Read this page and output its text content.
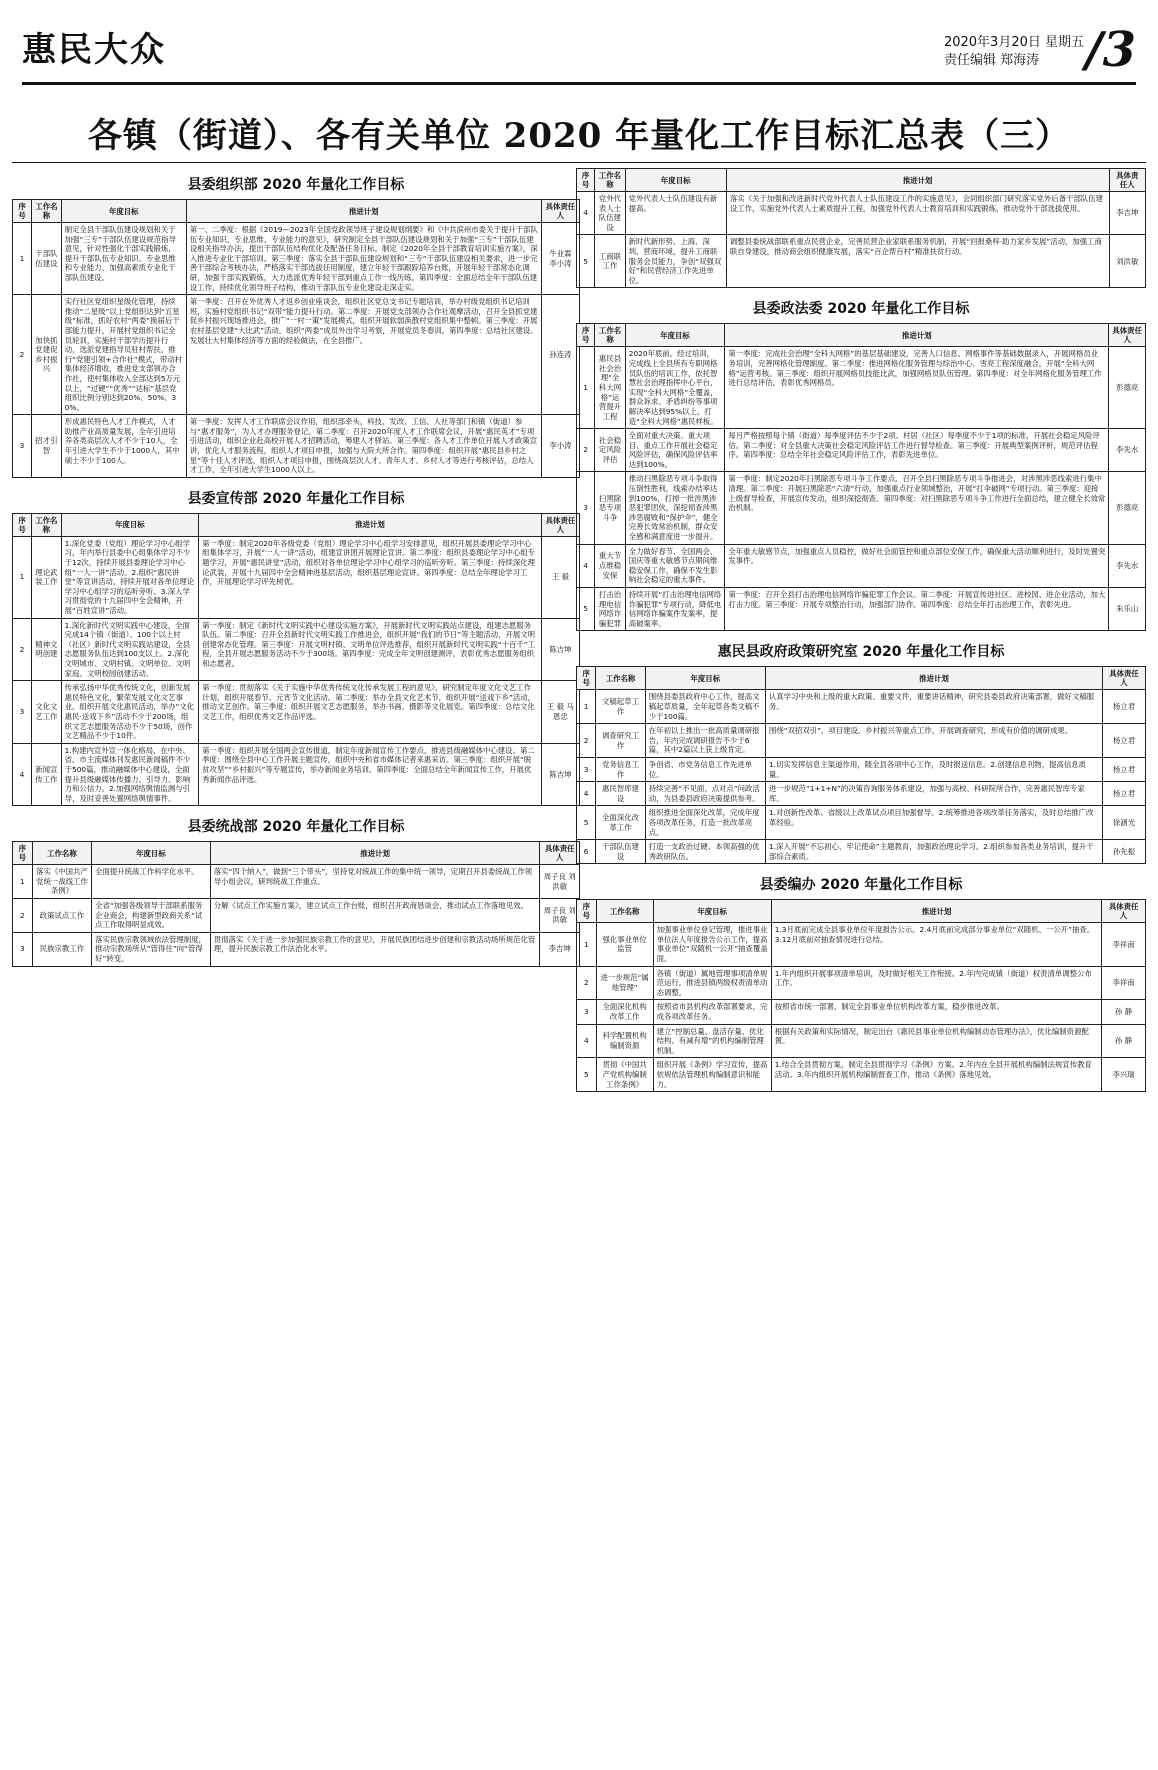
惠民大众	2020年3月20日 星期五
责任编辑 郑海涛 /3
各镇（街道）、各有关单位 2020 年量化工作目标汇总表（三）
县委组织部 2020 年量化工作目标
序号	工作名称	年度目标	推进计划	具体责任人
1	干部队伍建设	制定全县干部队伍建设规划和关于加强“三专”干部队伍建设规范指导意见，针对性强化干部实践锻炼，提升干部队伍专业知识、专业思维和专业能力，加强高素质专业化干部队伍建设。	第一、二季度：根据《2019—2023年全国党政领导班子建设规划纲要》和《中共滨州市委关于提升干部队伍专业知识、专业思维、专业能力的意见》，研究制定全县干部队伍建设规划和关于加强“三专”干部队伍建设相关指导办法，提出干部队伍结构优化及配备任务目标。制定《2020年全县干部教育培训实施方案》，深入推进专业化干部培训。第三季度：落实全县干部队伍建设规划和“三专”干部队伍建设相关要求，进一步完善干部综合考核办法，严格落实干部选拔任用制度，建立年轻干部跟踪培养台账，开展年轻干部常态化调研，加强干部实践锻炼，大力选派优秀年轻干部到重点工作一线历练。第四季度：全面总结全年干部队伍建设工作，持续优化领导班子结构，推动干部队伍专业化建设走深走实。	牛业霖 李小涛
2	加快抓党建促乡村振兴	实行社区党组织星级化管理，持续推动“二星级”以上党组织达到“五星级”标准，抓好农村“两委”换届后干部能力提升，开展村党组织书记全员轮训，实施村干部学历提升行动，选派党建指导员驻村帮扶，推行“党建引领+合作社”模式，带动村集体经济增收，推进党支部领办合作社，使村集体收入全部达到5万元以上，“过硬”“优秀”“达标”基层党组织比例分别达到20%、50%、30%。	第一季度：召开在外优秀人才返乡创业座谈会，组织社区党总支书记专题培训，举办村级党组织书记培训班，实施村党组织书记“双带”能力提升行动。第二季度：开展党支部领办合作社观摩活动，召开全县抓党建促乡村振兴现场推进会，推广“一村一策”发展模式，组织开展软弱涣散村党组织集中整顿。第三季度：开展农村基层党建“大比武”活动，组织“两委”成员外出学习考察，开展党员冬春训。第四季度：总结社区建设、发展壮大村集体经济等方面的经验做法，在全县推广。	孙连涛
3	招才引智	形成惠民特色人才工作模式，人才助推产业高质量发展，全年引进培养各类高层次人才不少于10人，全年引进大学生不少于1000人，其中硕士不少于100人。	第一季度：发挥人才工作联席会议作用，组织部牵头，科技、发改、工信、人社等部门和镇（街道）参与“惠才服务”，为人才办理服务登记。第二季度：召开2020年度人才工作联席会议，开展“惠民英才”专项引进活动，组织企业赴高校开展人才招聘活动，筹建人才驿站。第三季度：各人才工作单位开展人才政策宣讲，优化人才服务流程，组织人才项目申报，加强与大院大所合作。第四季度：组织开展“惠民县乡村之星”等十佳人才评选，组织人才项目申报，围绕高层次人才、青年人才、乡村人才等进行考核评估，总结人才工作，全年引进大学生1000人以上。	李小涛
县委宣传部 2020 年量化工作目标
序号	工作名称	年度目标	推进计划	具体责任人
1	理论武装工作	1.深化党委（党组）理论学习中心组学习，年内举行县委中心组集体学习不少于12次，持续开展县委理论学习中心组“一人一讲”活动。2.组织“惠民讲堂”等宣讲活动，持续开展对各单位理论学习中心组学习的巡听旁听。3.深入学习贯彻党的十九届四中全会精神，开展“百姓宣讲”活动。	第一季度：制定2020年各级党委（党组）理论学习中心组学习安排意见，组织开展县委理论学习中心组集体学习，开展“一人一讲”活动，组建宣讲团开展理论宣讲。第二季度：组织县委理论学习中心组专题学习，开展“惠民讲堂”活动，组织对各单位理论学习中心组学习的巡听旁听。第三季度：持续深化理论武装，开展十九届四中全会精神进基层活动，组织基层理论宣讲。第四季度：总结全年理论学习工作，开展理论学习评先树优。	王 毅
2	精神文明创建	1.深化新时代文明实践中心建设，全面完成14个镇（街道）、100个以上村（社区）新时代文明实践站建设，全县志愿服务队伍达到100支以上。2.深化文明城市、文明村镇、文明单位、文明家庭、文明校园创建活动。	第一季度：制定《新时代文明实践中心建设实施方案》，开展新时代文明实践站点建设，组建志愿服务队伍。第二季度：召开全县新时代文明实践工作推进会，组织开展“我们的节日”等主题活动，开展文明创建常态化管理。第三季度：开展文明村镇、文明单位评选推荐，组织开展新时代文明实践“十百千”工程，全县开展志愿服务活动不少于300场。第四季度：完成全年文明创建测评，表彰优秀志愿服务组织和志愿者。	陈吉坤
3	文化文艺工作	传承弘扬中华优秀传统文化，创新发展惠民特色文化，繁荣发展文化文艺事业。组织开展文化惠民活动，举办“文化惠民·送戏下乡”活动不少于200场，组织文艺志愿服务活动不少于50场，创作文艺精品不少于10件。	第一季度：贯彻落实《关于实施中华优秀传统文化传承发展工程的意见》，研究制定年度文化文艺工作计划，组织开展春节、元宵节文化活动。第二季度：举办全县文化艺术节，组织开展“送戏下乡”活动，推动文艺创作。第三季度：组织开展文艺志愿服务，举办书画、摄影等文化展览。第四季度：总结文化文艺工作，组织优秀文艺作品评选。	王 毅 马恩忠
4	新闻宣传工作	1.构建内宣外宣一体化格局，在中央、省、市主流媒体刊发惠民新闻稿件不少于500篇，推动融媒体中心建设，全面提升县级融媒体传播力、引导力、影响力和公信力。2.加强网络舆情监测与引导，及时妥善处置网络舆情事件。	第一季度：组织开展全国两会宣传报道，制定年度新闻宣传工作要点，推进县级融媒体中心建设。第二季度：围绕全县中心工作开展主题宣传，组织中央和省市媒体记者来惠采访。第三季度：组织开展“脱贫攻坚”“乡村振兴”等专题宣传，举办新闻业务培训。第四季度：全面总结全年新闻宣传工作，开展优秀新闻作品评选。	陈吉坤
县委统战部 2020 年量化工作目标
序号	工作名称	年度目标	推进计划	具体责任人
1	落实《中国共产党统一战线工作条例》	全面提升统战工作科学化水平。	落实“四个纳入”，做到“三个带头”，坚持党对统战工作的集中统一领导，定期召开县委统战工作领导小组会议，研判统战工作重点。	周子良 刘洪敏
2	政策试点工作	全省“加强各级领导干部联系服务企业商会，构建新型政商关系”试点工作取得明显成效。	分解《试点工作实施方案》，建立试点工作台账，组织召开政商恳谈会，推动试点工作落地见效。	周子良 刘洪敏
3	民族宗教工作	落实民族宗教领域依法管理制度，推动宗教场所从“管得住”向“管得好”转变。	贯彻落实《关于进一步加强民族宗教工作的意见》，开展民族团结进步创建和宗教活动场所规范化管理，提升民族宗教工作法治化水平。	李吉坤
序号	工作名称	年度目标	推进计划	具体责任人
4	党外代表人士队伍建设	党外代表人士队伍建设有新提高。	落实《关于加强和改进新时代党外代表人士队伍建设工作的实施意见》，会同组织部门研究落实党外后备干部队伍建设工作，实施党外代表人士素质提升工程，加强党外代表人士教育培训和实践锻炼，推动党外干部选拔使用。	李吉坤
5	工商联工作	新时代新形势、上海、深圳、营商环境，提升工商联服务会员能力，争创“双强双好”和民营经济工作先进单位。	调整县委统战部联系重点民营企业，完善民营企业家联系服务机制，开展“回报桑梓·助力家乡发展”活动，加强工商联自身建设，推动商会组织健康发展，落实“百企帮百村”精准扶贫行动。	刘洪敏
县委政法委 2020 年量化工作目标
序号	工作名称	年度目标	推进计划	具体责任人
1	惠民县社会治理“全科大网格”运营提升工程	2020年底前，经过培训，完成线上全县所有专职网格员队伍的培训工作，依托智慧社会治理指挥中心平台，实现“全科大网格”全覆盖，群众诉求、矛盾纠纷等事项解决率达到95%以上，打造“全科大网格”惠民样板。	第一季度：完成社会治理“全科大网格”的基层基础建设，完善人口信息、网格事件等基础数据录入，开展网格员业务培训，完善网格化管理制度。第二季度：推进网格化服务管理与综治中心、雪亮工程深度融合，开展“全科大网格”运营考核。第三季度：组织开展网格员技能比武，加强网格员队伍管理。第四季度：对全年网格化服务管理工作进行总结评估，表彰优秀网格员。	彭德亮
2	社会稳定风险评估	全面对重大决策、重大项目、重点工作开展社会稳定风险评估，确保风险评估率达到100%。	每月严格按照每个镇（街道）每季度评估不少于2项、村居（社区）每季度不少于1项的标准，开展社会稳定风险评估。第二季度：对全县重大决策社会稳定风险评估工作进行督导检查。第三季度：开展典型案例评析，规范评估程序。第四季度：总结全年社会稳定风险评估工作，表彰先进单位。	李先水
3	扫黑除恶专项斗争	推动扫黑除恶专项斗争取得压倒性胜利，线索办结率达到100%，打掉一批涉黑涉恶犯罪团伙，深挖彻查涉黑涉恶腐败和“保护伞”，健全完善长效常治机制，群众安全感和满意度进一步提升。	第一季度：制定2020年扫黑除恶专项斗争工作要点，召开全县扫黑除恶专项斗争推进会，对涉黑涉恶线索进行集中清理。第二季度：开展扫黑除恶“六清”行动，加强重点行业领域整治，开展“打伞破网”专项行动。第三季度：迎接上级督导检查，开展宣传发动，组织深挖彻查。第四季度：对扫黑除恶专项斗争工作进行全面总结，建立健全长效常治机制。	彭德亮
4	重大节点维稳安保	全力做好春节、全国两会、国庆等重大敏感节点期间维稳安保工作，确保不发生影响社会稳定的重大事件。	全年重大敏感节点，加强重点人员稳控，做好社会面管控和重点部位安保工作，确保重大活动顺利进行，及时处置突发事件。	李先水
5	打击治理电信网络诈骗犯罪	持续开展“打击治理电信网络诈骗犯罪”专项行动，降低电信网络诈骗案件发案率，提高破案率。	第一季度：召开全县打击治理电信网络诈骗犯罪工作会议。第二季度：开展宣传进社区、进校园、进企业活动，加大打击力度。第三季度：开展专项整治行动，加强部门协作。第四季度：总结全年打击治理工作，表彰先进。	朱乐山
惠民县政府政策研究室 2020 年量化工作目标
序号	工作名称	年度目标	推进计划	具体责任人
1	文稿起草工作	围绕县委县政府中心工作，提高文稿起草质量，全年起草各类文稿不少于100篇。	认真学习中央和上级的重大政策、重要文件，重要讲话精神，研究县委县政府决策部署，做好文稿服务。	杨立君
2	调查研究工作	在年初以上推出一批高质量调研报告，年内完成调研报告不少于6篇，其中2篇以上获上级肯定。	围绕“双招双引”、项目建设、乡村振兴等重点工作，开展调查研究，形成有价值的调研成果。	杨立君
3	党务信息工作	争创省、市党务信息工作先进单位。	1.切实发挥信息主渠道作用，随全县各项中心工作，及时报送信息。2.创建信息刊物，提高信息质量。	杨立君
4	惠民智库建设	持续完善“不见面、点对点”问政活动，为县委县政府决策提供参考。	进一步规范“1+1+N”的决策咨询服务体系建设，加强与高校、科研院所合作，完善惠民智库专家库。	杨立君
5	全面深化改革工作	组织推进全面深化改革，完成年度各项改革任务，打造一批改革亮点。	1.对创新性改革、省级以上改革试点项目加强督导。2.统筹推进各项改革任务落实，及时总结推广改革经验。	徐涵光
6	干部队伍建设	打造一支政治过硬、本领高强的优秀政研队伍。	1.深入开展“不忘初心、牢记使命”主题教育，加强政治理论学习。2.组织参加各类业务培训，提升干部综合素质。	孙先振
县委编办 2020 年量化工作目标
序号	工作名称	年度目标	推进计划	具体责任人
1	强化事业单位监管	加强事业单位登记管理，推进事业单位法人年度报告公示工作，提高事业单位“双随机一公开”抽查覆盖面。	1.3月底前完成全县事业单位年度报告公示。2.4月底前完成部分事业单位“双随机、一公开”抽查。3.12月底前对抽查情况进行总结。	李祥南
2	进一步规范“属地管理”	各镇（街道）属地管理事项清单规范运行，推进县镇两级权责清单动态调整。	1.年内组织开展事项清单培训，及时做好相关工作衔接。2.年内完成镇（街道）权责清单调整公布工作。	李祥南
3	全面深化机构改革工作	按照省市县机构改革部署要求，完成各项改革任务。	按照省市统一部署，制定全县事业单位机构改革方案，稳步推进改革。	孙 静
4	科学配置机构编制资源	建立“控制总量、盘活存量、优化结构、有减有增”的机构编制管理机制。	根据有关政策和实际情况，制定出台《惠民县事业单位机构编制动态管理办法》，优化编制资源配置。	孙 静
5	贯彻《中国共产党机构编制工作条例》	组织开展《条例》学习宣传，提高依规依法管理机构编制意识和能力。	1.结合全县贯彻方案，制定全县贯彻学习《条例》方案。2.年内在全县开展机构编制法规宣传教育活动。3.年内组织开展机构编制督查工作，推动《条例》落地见效。	李兴瑞
